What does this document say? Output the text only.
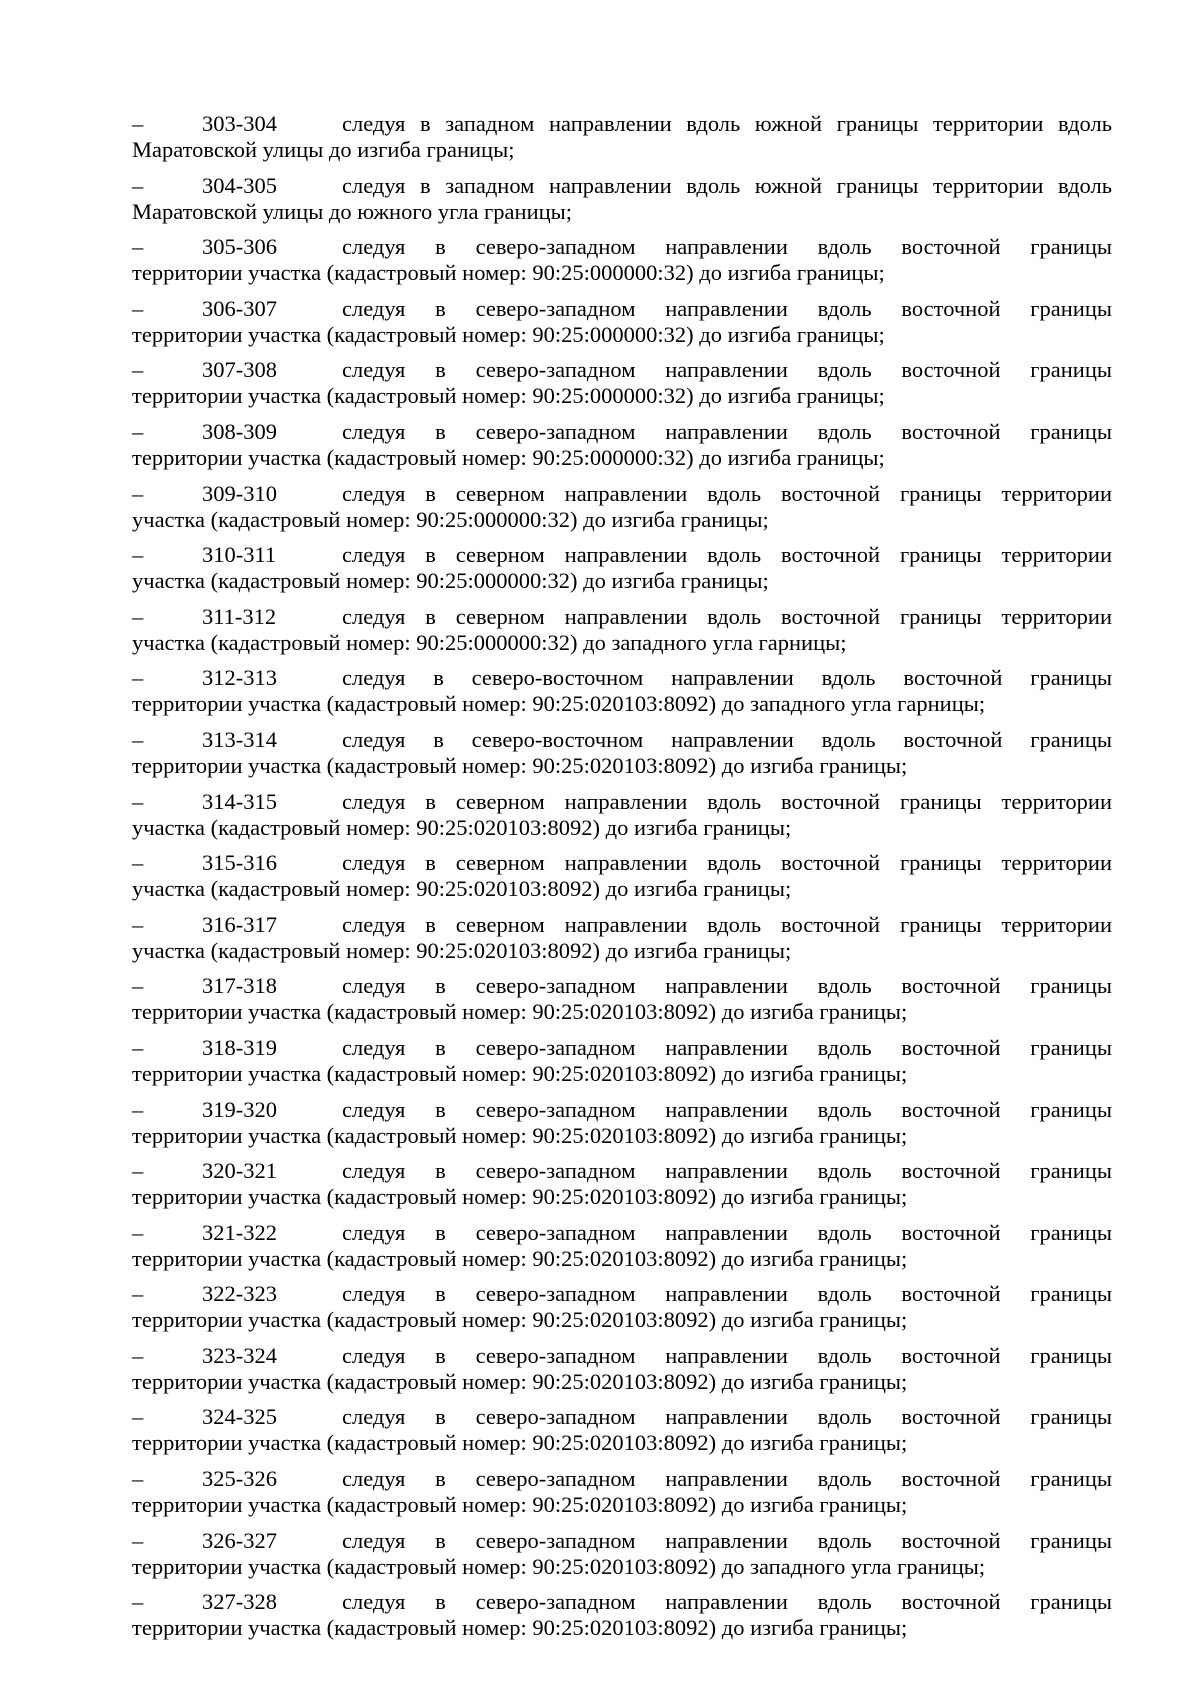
–	303-304	следуя в западном направлении вдоль южной границы территории вдоль
Маратовской улицы до изгиба границы;
–	304-305	следуя в западном направлении вдоль южной границы территории вдоль
Маратовской улицы до южного угла границы;
–	305-306	следуя в северо-западном направлении вдоль восточной границы
территории участка (кадастровый номер: 90:25:000000:32) до изгиба границы;
–	306-307	следуя в северо-западном направлении вдоль восточной границы
территории участка (кадастровый номер: 90:25:000000:32) до изгиба границы;
–	307-308	следуя в северо-западном направлении вдоль восточной границы
территории участка (кадастровый номер: 90:25:000000:32) до изгиба границы;
–	308-309	следуя в северо-западном направлении вдоль восточной границы
территории участка (кадастровый номер: 90:25:000000:32) до изгиба границы;
–	309-310	следуя в северном направлении вдоль восточной границы территории
участка (кадастровый номер: 90:25:000000:32) до изгиба границы;
–	310-311	следуя в северном направлении вдоль восточной границы территории
участка (кадастровый номер: 90:25:000000:32) до изгиба границы;
–	311-312	следуя в северном направлении вдоль восточной границы территории
участка (кадастровый номер: 90:25:000000:32) до западного угла гарницы;
–	312-313	следуя в северо-восточном направлении вдоль восточной границы
территории участка (кадастровый номер: 90:25:020103:8092) до западного угла гарницы;
–	313-314	следуя в северо-восточном направлении вдоль восточной границы
территории участка (кадастровый номер: 90:25:020103:8092) до изгиба границы;
–	314-315	следуя в северном направлении вдоль восточной границы территории
участка (кадастровый номер: 90:25:020103:8092) до изгиба границы;
–	315-316	следуя в северном направлении вдоль восточной границы территории
участка (кадастровый номер: 90:25:020103:8092) до изгиба границы;
–	316-317	следуя в северном направлении вдоль восточной границы территории
участка (кадастровый номер: 90:25:020103:8092) до изгиба границы;
–	317-318	следуя в северо-западном направлении вдоль восточной границы
территории участка (кадастровый номер: 90:25:020103:8092) до изгиба границы;
–	318-319	следуя в северо-западном направлении вдоль восточной границы
территории участка (кадастровый номер: 90:25:020103:8092) до изгиба границы;
–	319-320	следуя в северо-западном направлении вдоль восточной границы
территории участка (кадастровый номер: 90:25:020103:8092) до изгиба границы;
–	320-321	следуя в северо-западном направлении вдоль восточной границы
территории участка (кадастровый номер: 90:25:020103:8092) до изгиба границы;
–	321-322	следуя в северо-западном направлении вдоль восточной границы
территории участка (кадастровый номер: 90:25:020103:8092) до изгиба границы;
–	322-323	следуя в северо-западном направлении вдоль восточной границы
территории участка (кадастровый номер: 90:25:020103:8092) до изгиба границы;
–	323-324	следуя в северо-западном направлении вдоль восточной границы
территории участка (кадастровый номер: 90:25:020103:8092) до изгиба границы;
–	324-325	следуя в северо-западном направлении вдоль восточной границы
территории участка (кадастровый номер: 90:25:020103:8092) до изгиба границы;
–	325-326	следуя в северо-западном направлении вдоль восточной границы
территории участка (кадастровый номер: 90:25:020103:8092) до изгиба границы;
–	326-327	следуя в северо-западном направлении вдоль восточной границы
территории участка (кадастровый номер: 90:25:020103:8092) до западного угла границы;
–	327-328	следуя в северо-западном направлении вдоль восточной границы
территории участка (кадастровый номер: 90:25:020103:8092) до изгиба границы;
